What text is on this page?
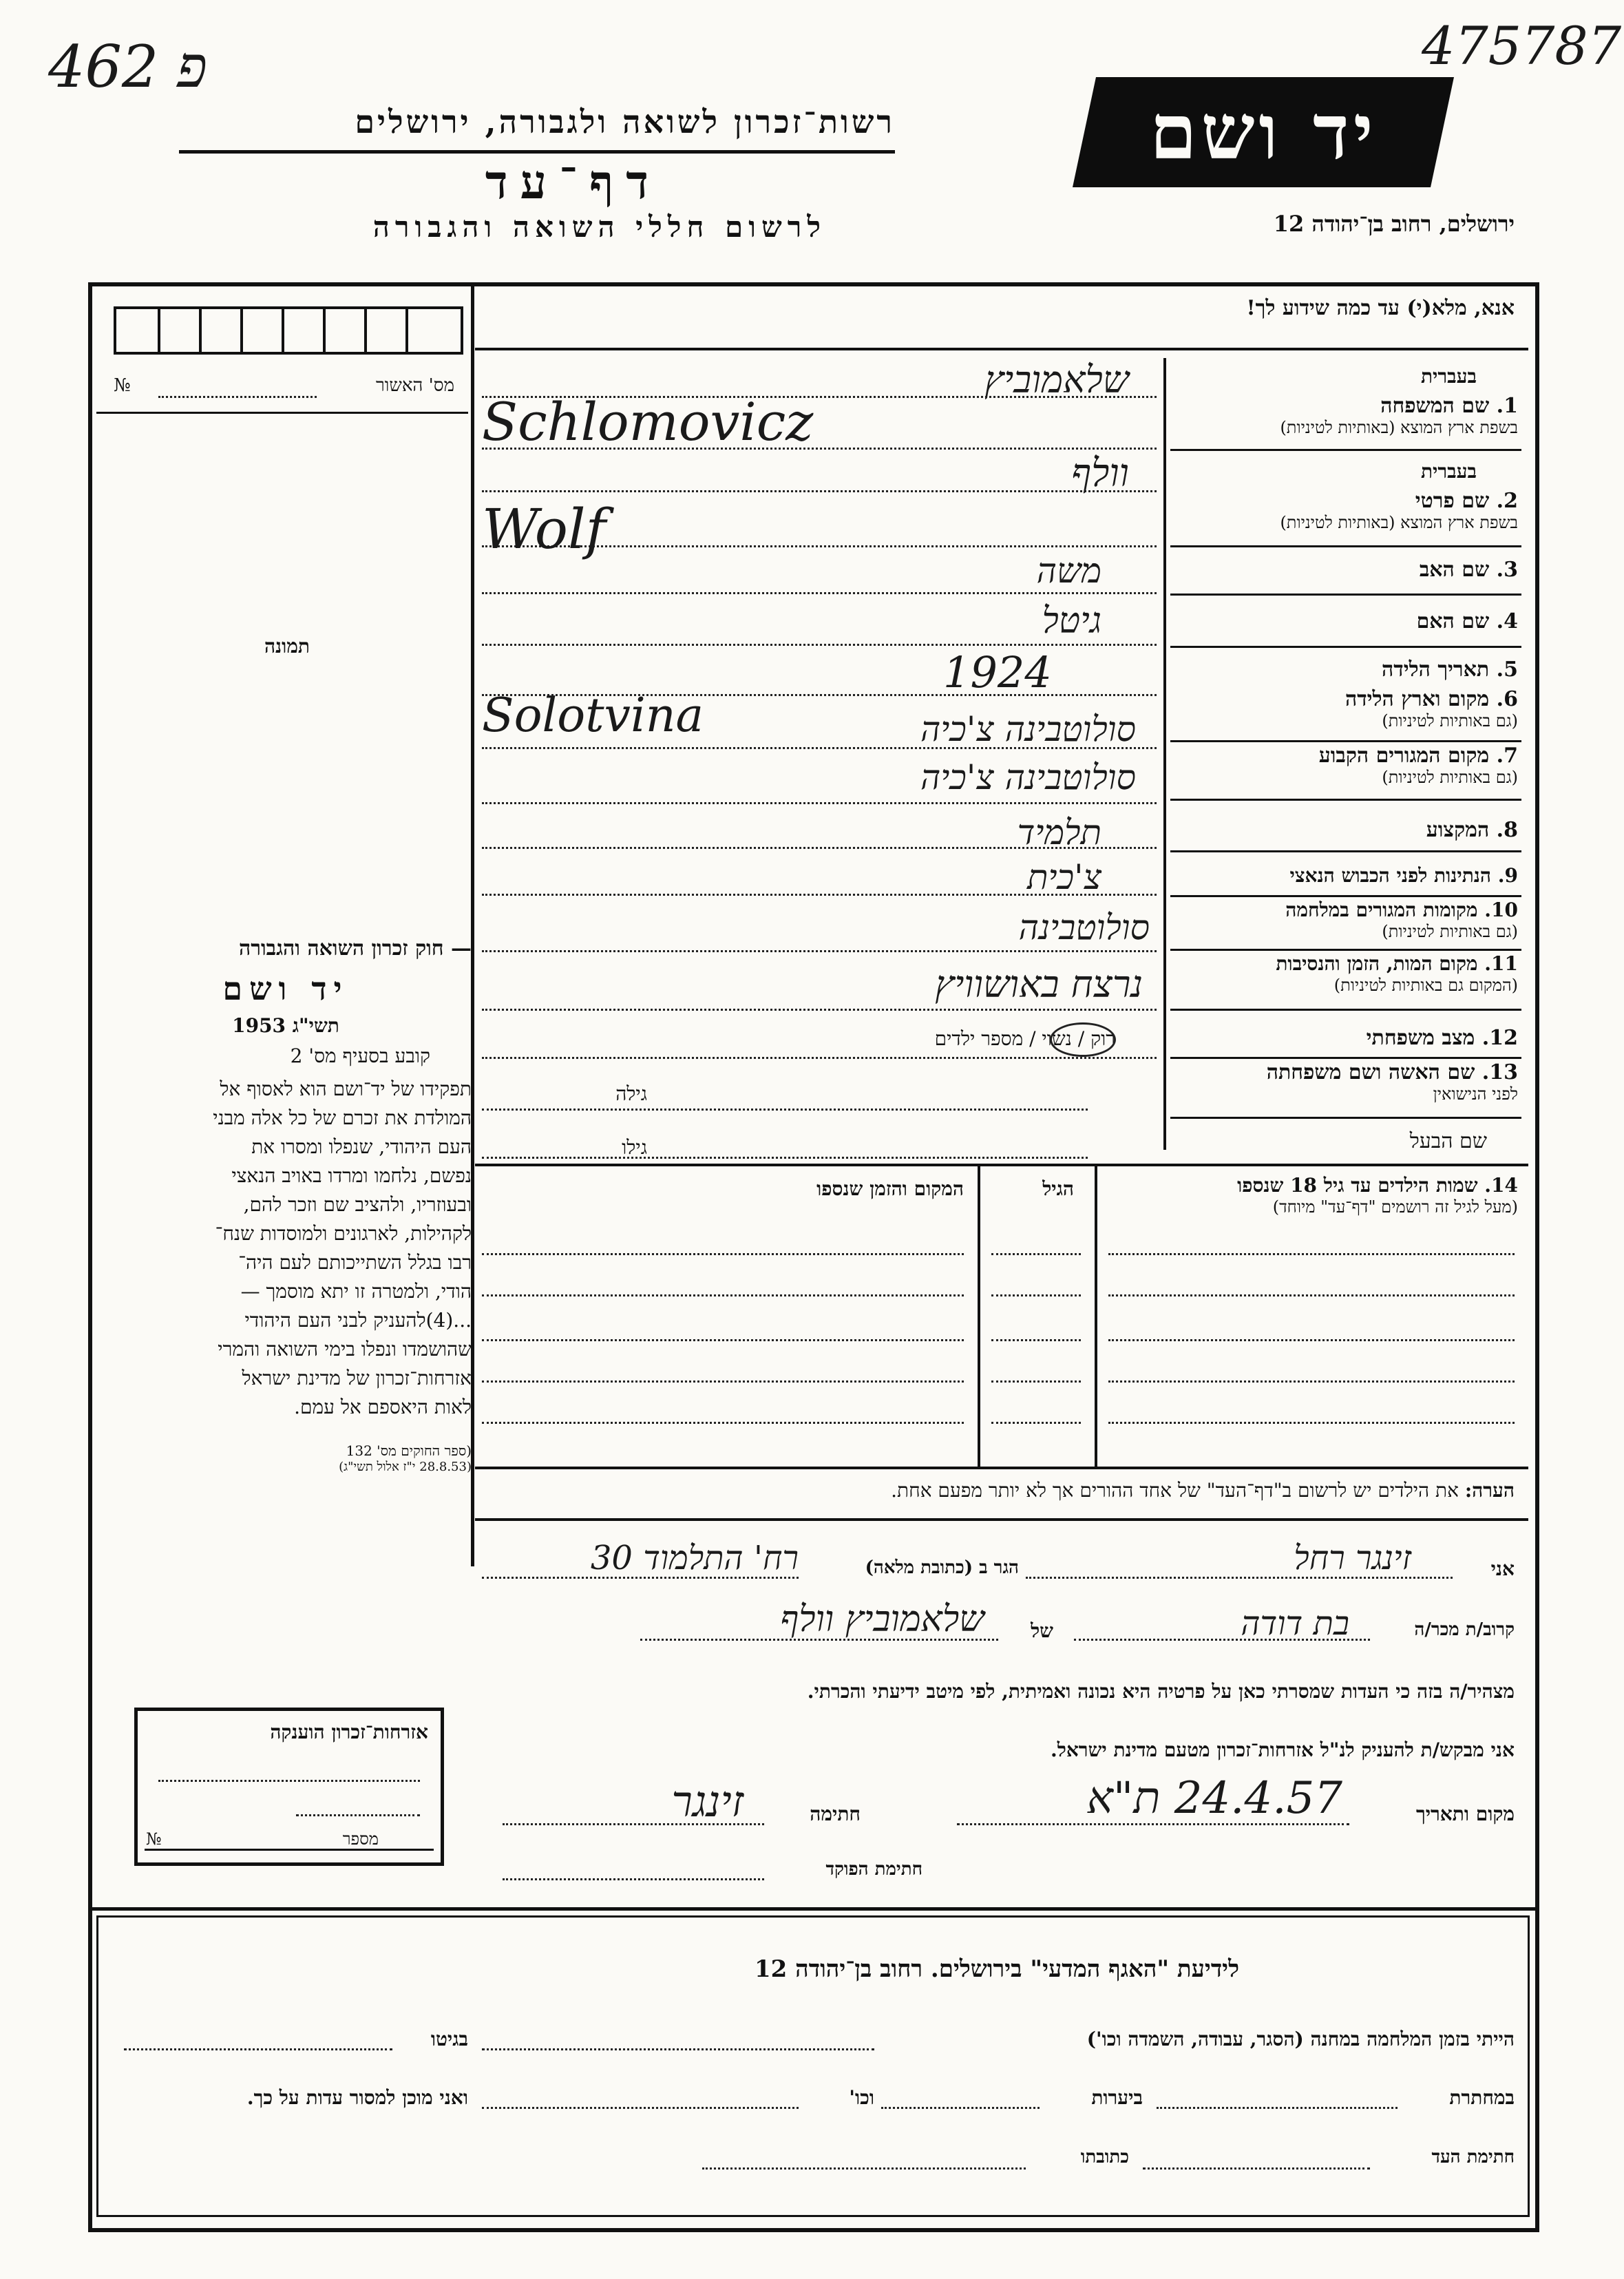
פ 462	475787
רשות־זכרון לשואה ולגבורה, ירושלים
דף־עד
לרשום חללי השואה והגבורה
יד ושם
ירושלים, רחוב בן־יהודה 12
מס' האשור
№
תמונה
— חוק זכרון השואה והגבורה
יד ושם
תשי"ג 1953
קובע בסעיף מס' 2
תפקידו של יד־ושם הוא לאסוף אל
המולדת את זכרם של כל אלה מבני
העם היהודי, שנפלו ומסרו את
נפשם, נלחמו ומרדו באויב הנאצי
ובעוזריו, ולהציב שם וזכר להם,
לקהילות, לארגונים ולמוסדות שנח־
רבו בגלל השתייכותם לעם היה־
הודי, ולמטרה זו יתא מוסמך —
...(4)להעניק לבני העם היהודי
שהושמדו ונפלו בימי השואה והמרי
אזרחות־זכרון של מדינת ישראל
לאות היאספם אל עמם.
(ספר החוקים מס' 132
(28.8.53 י"ז אלול תשי"ג)
אזרחות־זכרון הוענקה
מספר
№
אנא, מלא(י) עד כמה שידוע לך!
בעברית
1. שם המשפחה
בשפת ארץ המוצא (באותיות לטיניות)
בעברית
2. שם פרטי
בשפת ארץ המוצא (באותיות לטיניות)
3. שם האב
4. שם האם
5. תאריך הלידה
6. מקום וארץ הלידה
(גם באותיות לטיניות)
7. מקום המגורים הקבוע
(גם באותיות לטיניות)
8. המקצוע
9. הנתינות לפני הכבוש הנאצי
10. מקומות המגורים במלחמה
(גם באותיות לטיניות)
11. מקום המות, הזמן והנסיבות
(המקום גם באותיות לטיניות)
12. מצב משפחתי
13. שם האשה ושם משפחתה
לפני הנישואין
שם הבעל
שלאמוביץ
Schlomovicz
וולף
Wolf
משה
גיטל
1924
Solotvina	סולוטבינה צ'כיה
סולוטבינה צ'כיה
תלמיד
צ'כית
סולוטבינה
נרצח באושוויץ
רוק / נשוי / מספר ילדים
גילה
גילו
14. שמות הילדים עד גיל 18 שנספו
(מעל לגיל זה רושמים "דף־עד" מיוחד)
הגיל
המקום והזמן שנספו
הערה: את הילדים יש לרשום ב"דף־העד" של אחד ההורים אך לא יותר מפעם אחת.
אני
זינגר רחל
הגר ב (כתובת מלאה)
רח' התלמוד 30
קרוב/ת מכר/ה
בת דודה
של
שלאמוביץ וולף
מצהיר/ה בזה כי העדות שמסרתי כאן על פרטיה היא נכונה ואמיתית, לפי מיטב ידיעתי והכרתי.
אני מבקש/ת להעניק לנ"ל אזרחות־זכרון מטעם מדינת ישראל.
מקום ותאריך
24.4.57 ת"א
חתימה
זינגר
חתימת הפוקד
לידיעת "האגף המדעי" בירושלים. רחוב בן־יהודה 12
הייתי בזמן המלחמה במחנה (הסגר, עבודה, השמדה וכו')
בגיטו
במחתרת
ביערות
וכו'
ואני מוכן למסור עדות על כך.
חתימת העד
כתובתו
